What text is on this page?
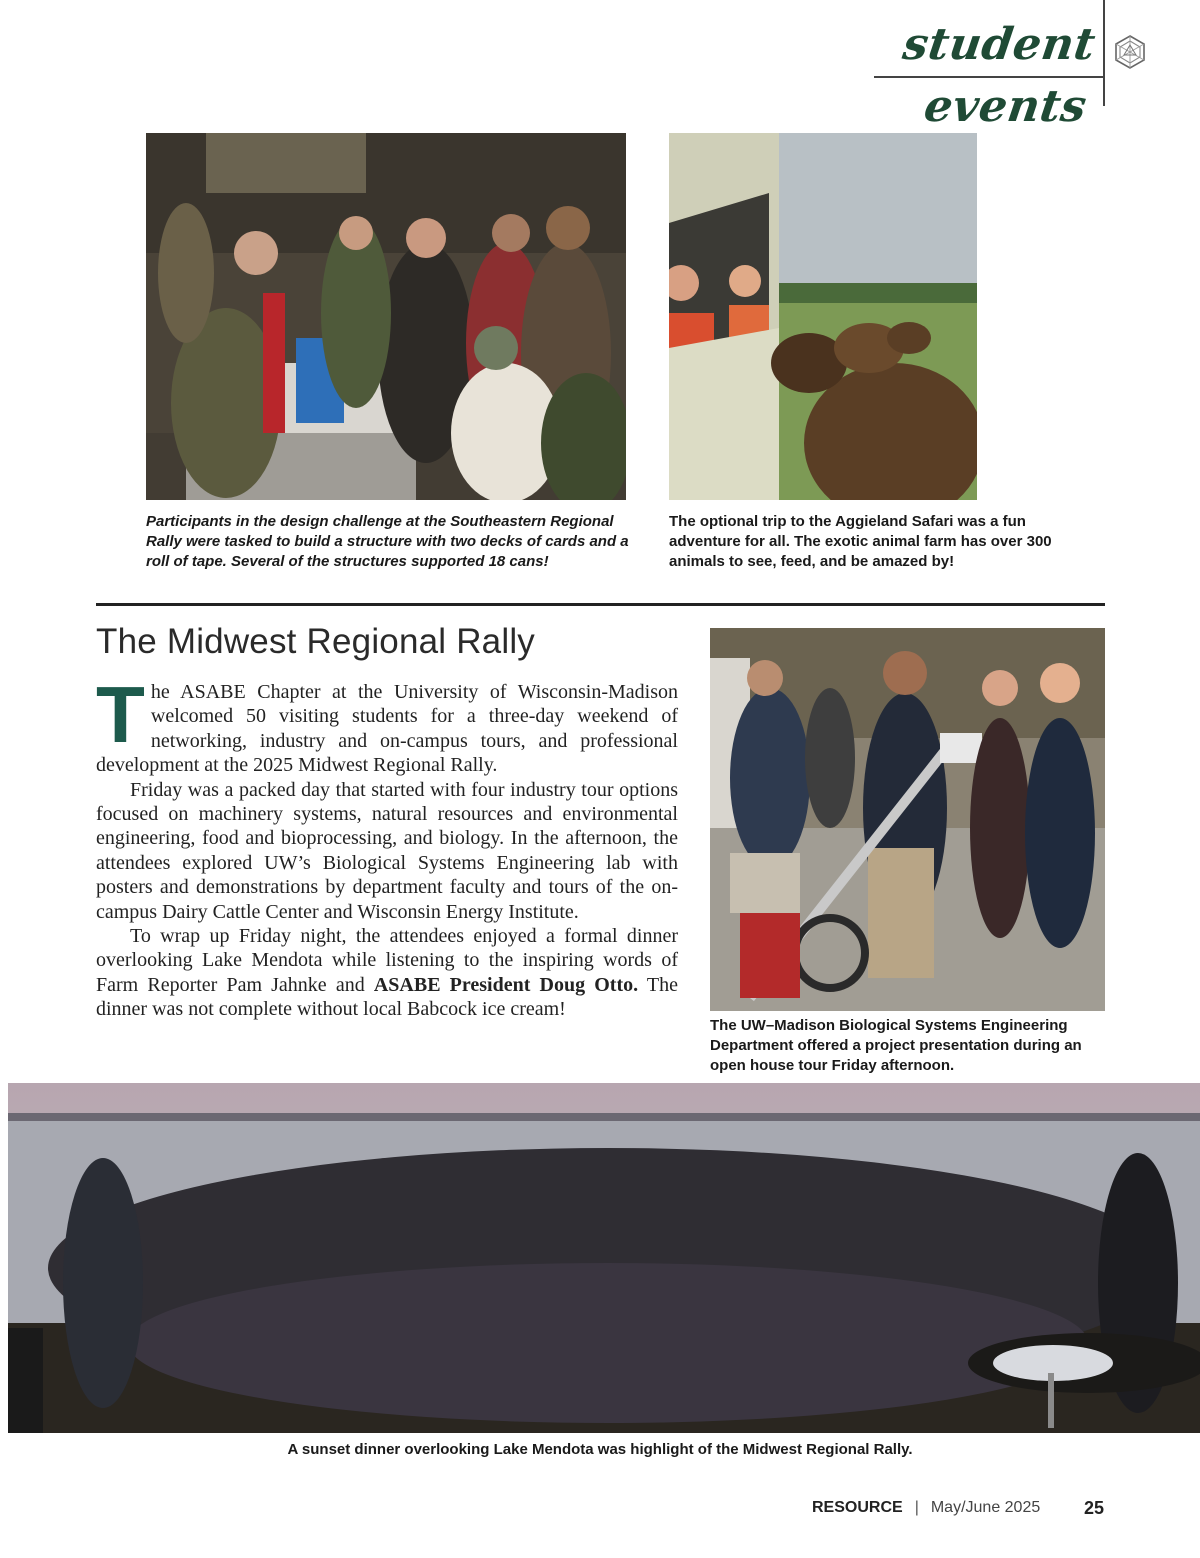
student events
Participants in the design challenge at the Southeastern Regional Rally were tasked to build a structure with two decks of cards and a roll of tape. Several of the structures supported 18 cans!
The optional trip to the Aggieland Safari was a fun adventure for all. The exotic animal farm has over 300 animals to see, feed, and be amazed by!
The Midwest Regional Rally

The ASABE Chapter at the University of Wisconsin-Madison welcomed 50 visiting students for a three-day weekend of networking, industry and on-campus tours, and professional development at the 2025 Midwest Regional Rally.

Friday was a packed day that started with four industry tour options focused on machinery systems, natural resources and environmental engineering, food and bioprocessing, and biology. In the afternoon, the attendees explored UW’s Biological Systems Engineering lab with posters and demonstrations by department faculty and tours of the on-campus Dairy Cattle Center and Wisconsin Energy Institute.

To wrap up Friday night, the attendees enjoyed a formal dinner overlooking Lake Mendota while listening to the inspiring words of Farm Reporter Pam Jahnke and ASABE President Doug Otto. The dinner was not complete without local Babcock ice cream!

The UW–Madison Biological Systems Engineering Department offered a project presentation during an open house tour Friday afternoon.
A sunset dinner overlooking Lake Mendota was highlight of the Midwest Regional Rally.
RESOURCE | May/June 2025 25
